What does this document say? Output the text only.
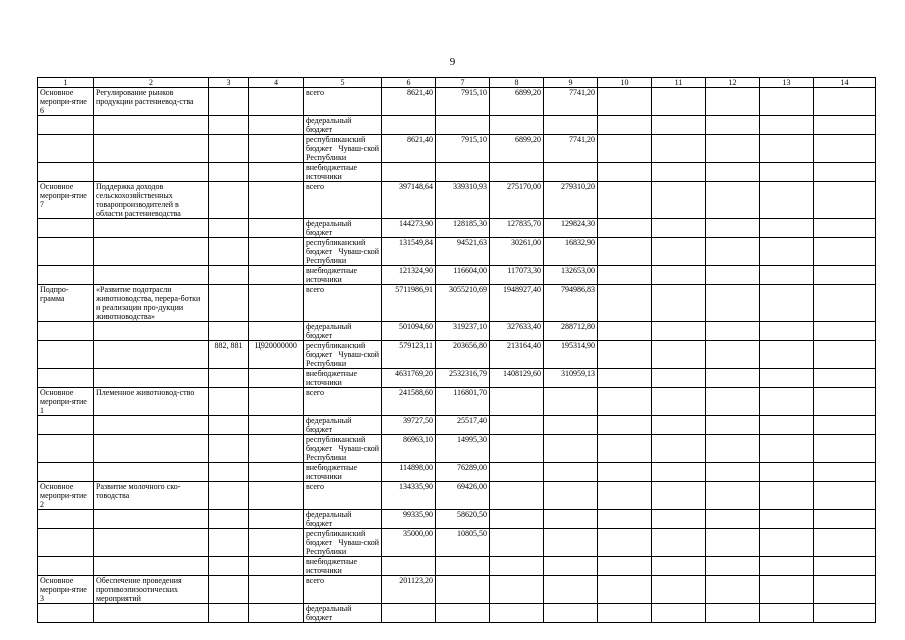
9
1	2	3	4	5	6	7	8	9	10	11	12	13	14
Основное меропри-ятие 6	Регулирование рынков продукции растениевод-ства			всего	8621,40	7915,10	6899,20	7741,20					
				федеральный бюджет									
				республиканский бюджет Чуваш-ской Республики	8621,40	7915,10	6899,20	7741,20					
				внебюджетные источники									
Основное меропри-ятие 7	Поддержка доходов сельскохозяйственных товаропроизводителей в области растениеводства			всего	397148,64	339310,93	275170,00	279310,20					
				федеральный бюджет	144273,90	128185,30	127835,70	129824,30					
				республиканский бюджет Чуваш-ской Республики	131549,84	94521,63	30261,00	16832,90					
				внебюджетные источники	121324,90	116604,00	117073,30	132653,00					
Подпро-грамма	«Развитие подотрасли животноводства, перера-ботки и реализации про-дукции животноводства»			всего	5711986,91	3055210,69	1948927,40	794986,83					
				федеральный бюджет	501094,60	319237,10	327633,40	288712,80					
		882, 881	Ц920000000	республиканский бюджет Чуваш-ской Республики	579123,11	203656,80	213164,40	195314,90					
				внебюджетные источники	4631769,20	2532316,79	1408129,60	310959,13					
Основное меропри-ятие 1	Племенное животновод-ство			всего	241588,60	116801,70							
				федеральный бюджет	39727,50	25517,40							
				республиканский бюджет Чуваш-ской Республики	86963,10	14995,30							
				внебюджетные источники	114898,00	76289,00							
Основное меропри-ятие 2	Развитие молочного ско-товодства			всего	134335,90	69426,00							
				федеральный бюджет	99335,90	58620,50							
				республиканский бюджет Чуваш-ской Республики	35000,00	10805,50							
				внебюджетные источники									
Основное меропри-ятие 3	Обеспечение проведения противоэпизоотических мероприятий			всего	201123,20								
				федеральный бюджет									
